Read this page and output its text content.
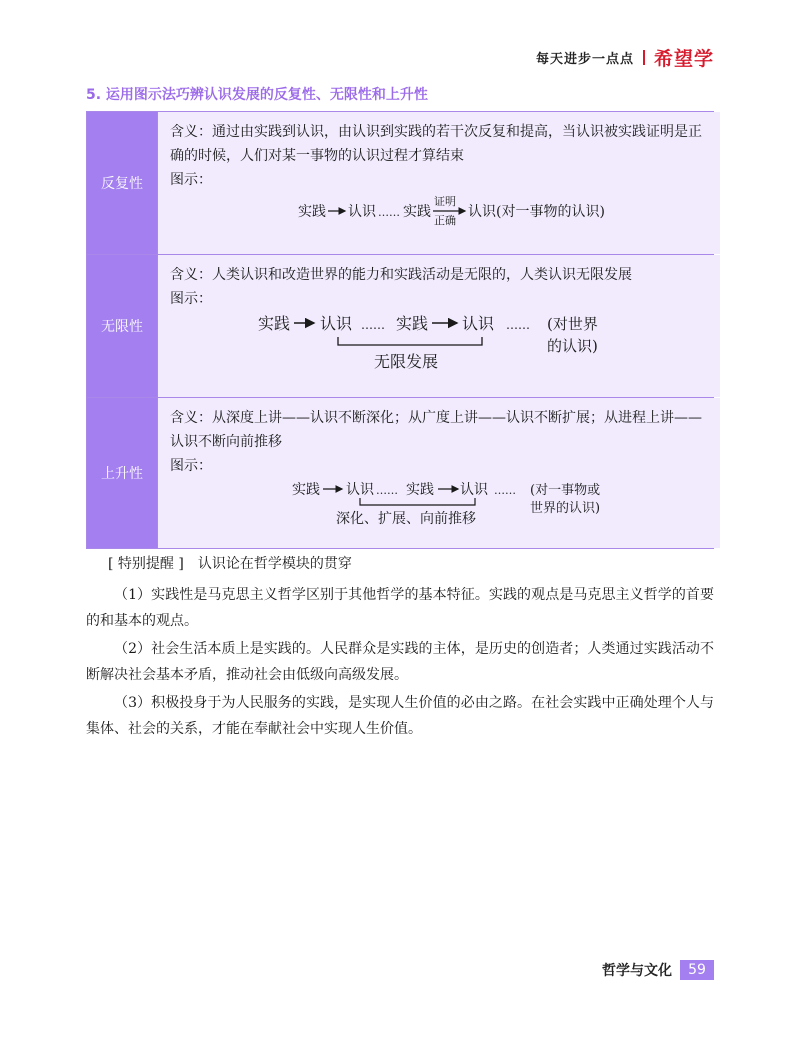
每天进步一点点 希望学
5. 运用图示法巧辨认识发展的反复性、无限性和上升性
反复性

含义：通过由实践到认识，由认识到实践的若干次反复和提高，当认识被实践证明是正确的时候，人们对某一事物的认识过程才算结束

图示：
实践 认识 …… 实践
证明
正确
认识(对一事物的认识)
无限性

含义：人类认识和改造世界的能力和实践活动是无限的，人类认识无限发展

图示：
实践 认识 …… 实践 认识 …… (对世界
的认识)
无限发展
上升性

含义：从深度上讲——认识不断深化；从广度上讲——认识不断扩展；从进程上讲——认识不断向前推移

图示：
实践 认识 …… 实践 认识 …… (对一事物或
世界的认识)
深化、扩展、向前推移
[ 特别提醒 ]　认识论在哲学模块的贯穿

（1）实践性是马克思主义哲学区别于其他哲学的基本特征。实践的观点是马克思主义哲学的首要的和基本的观点。

（2）社会生活本质上是实践的。人民群众是实践的主体，是历史的创造者；人类通过实践活动不断解决社会基本矛盾，推动社会由低级向高级发展。

（3）积极投身于为人民服务的实践，是实现人生价值的必由之路。在社会实践中正确处理个人与集体、社会的关系，才能在奉献社会中实现人生价值。

哲学与文化	59
